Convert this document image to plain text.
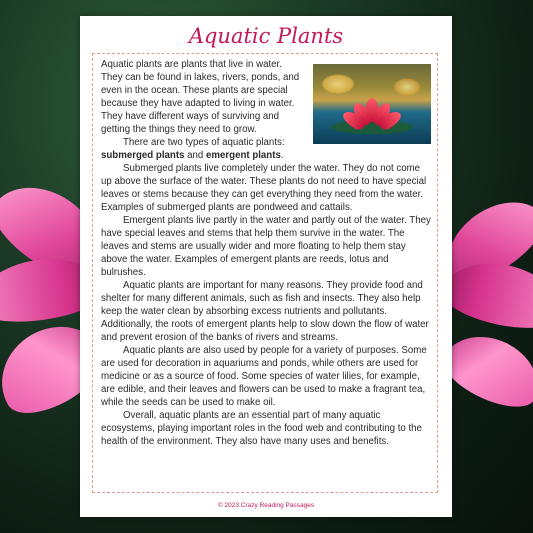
Aquatic Plants

Aquatic plants are plants that live in water. They can be found in lakes, rivers, ponds, and even in the ocean. These plants are special because they have adapted to living in water. They have different ways of surviving and getting the things they need to grow.

There are two types of aquatic plants: submerged plants and emergent plants.

Submerged plants live completely under the water. They do not come up above the surface of the water. These plants do not need to have special leaves or stems because they can get everything they need from the water. Examples of submerged plants are pondweed and cattails.

Emergent plants live partly in the water and partly out of the water. They have special leaves and stems that help them survive in the water. The leaves and stems are usually wider and more floating to help them stay above the water. Examples of emergent plants are reeds, lotus and bulrushes.

Aquatic plants are important for many reasons. They provide food and shelter for many different animals, such as fish and insects. They also help keep the water clean by absorbing excess nutrients and pollutants. Additionally, the roots of emergent plants help to slow down the flow of water and prevent erosion of the banks of rivers and streams.

Aquatic plants are also used by people for a variety of purposes. Some are used for decoration in aquariums and ponds, while others are used for medicine or as a source of food. Some species of water lilies, for example, are edible, and their leaves and flowers can be used to make a fragrant tea, while the seeds can be used to make oil.

Overall, aquatic plants are an essential part of many aquatic ecosystems, playing important roles in the food web and contributing to the health of the environment. They also have many uses and benefits.

© 2023 Crazy Reading Passages
